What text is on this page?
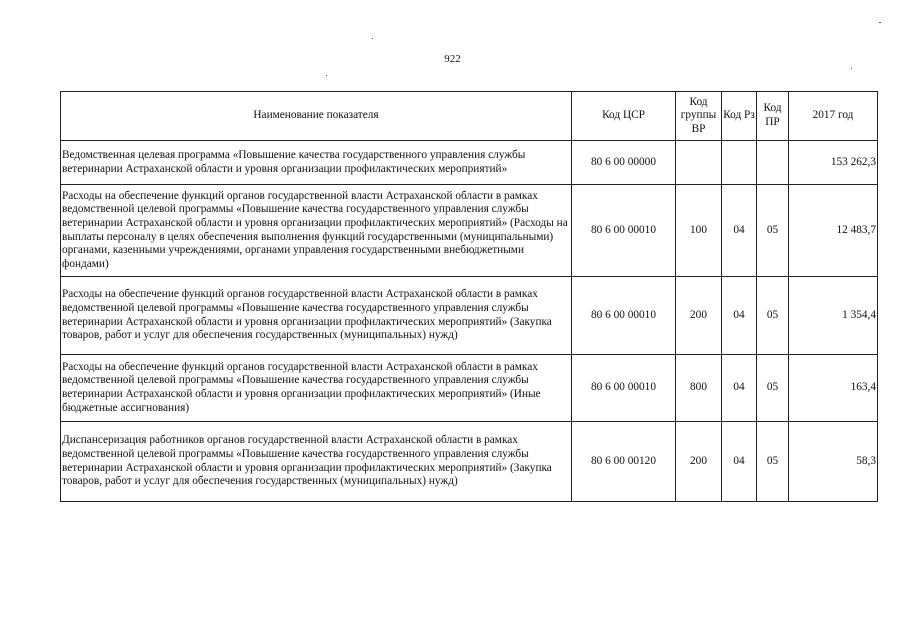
922
Наименование показателя	Код ЦСР	Код группы ВР	Код Рз	Код ПР	2017 год
Ведомственная целевая программа «Повышение качества государственного управления службы ветеринарии Астраханской области и уровня организации профилактических мероприятий»	80 6 00 00000				153 262,3
Расходы на обеспечение функций органов государственной власти Астраханской области в рамках ведомственной целевой программы «Повышение качества государственного управления службы ветеринарии Астраханской области и уровня организации профилактических мероприятий» (Расходы на выплаты персоналу в целях обеспечения выполнения функций государственными (муниципальными) органами, казенными учреждениями, органами управления государственными внебюджетными фондами)	80 6 00 00010	100	04	05	12 483,7
Расходы на обеспечение функций органов государственной власти Астраханской области в рамках ведомственной целевой программы «Повышение качества государственного управления службы ветеринарии Астраханской области и уровня организации профилактических мероприятий» (Закупка товаров, работ и услуг для обеспечения государственных (муниципальных) нужд)	80 6 00 00010	200	04	05	1 354,4
Расходы на обеспечение функций органов государственной власти Астраханской области в рамках ведомственной целевой программы «Повышение качества государственного управления службы ветеринарии Астраханской области и уровня организации профилактических мероприятий» (Иные бюджетные ассигнования)	80 6 00 00010	800	04	05	163,4
Диспансеризация работников органов государственной власти Астраханской области в рамках ведомственной целевой программы «Повышение качества государственного управления службы ветеринарии Астраханской области и уровня организации профилактических мероприятий» (Закупка товаров, работ и услуг для обеспечения государственных (муниципальных) нужд)	80 6 00 00120	200	04	05	58,3
